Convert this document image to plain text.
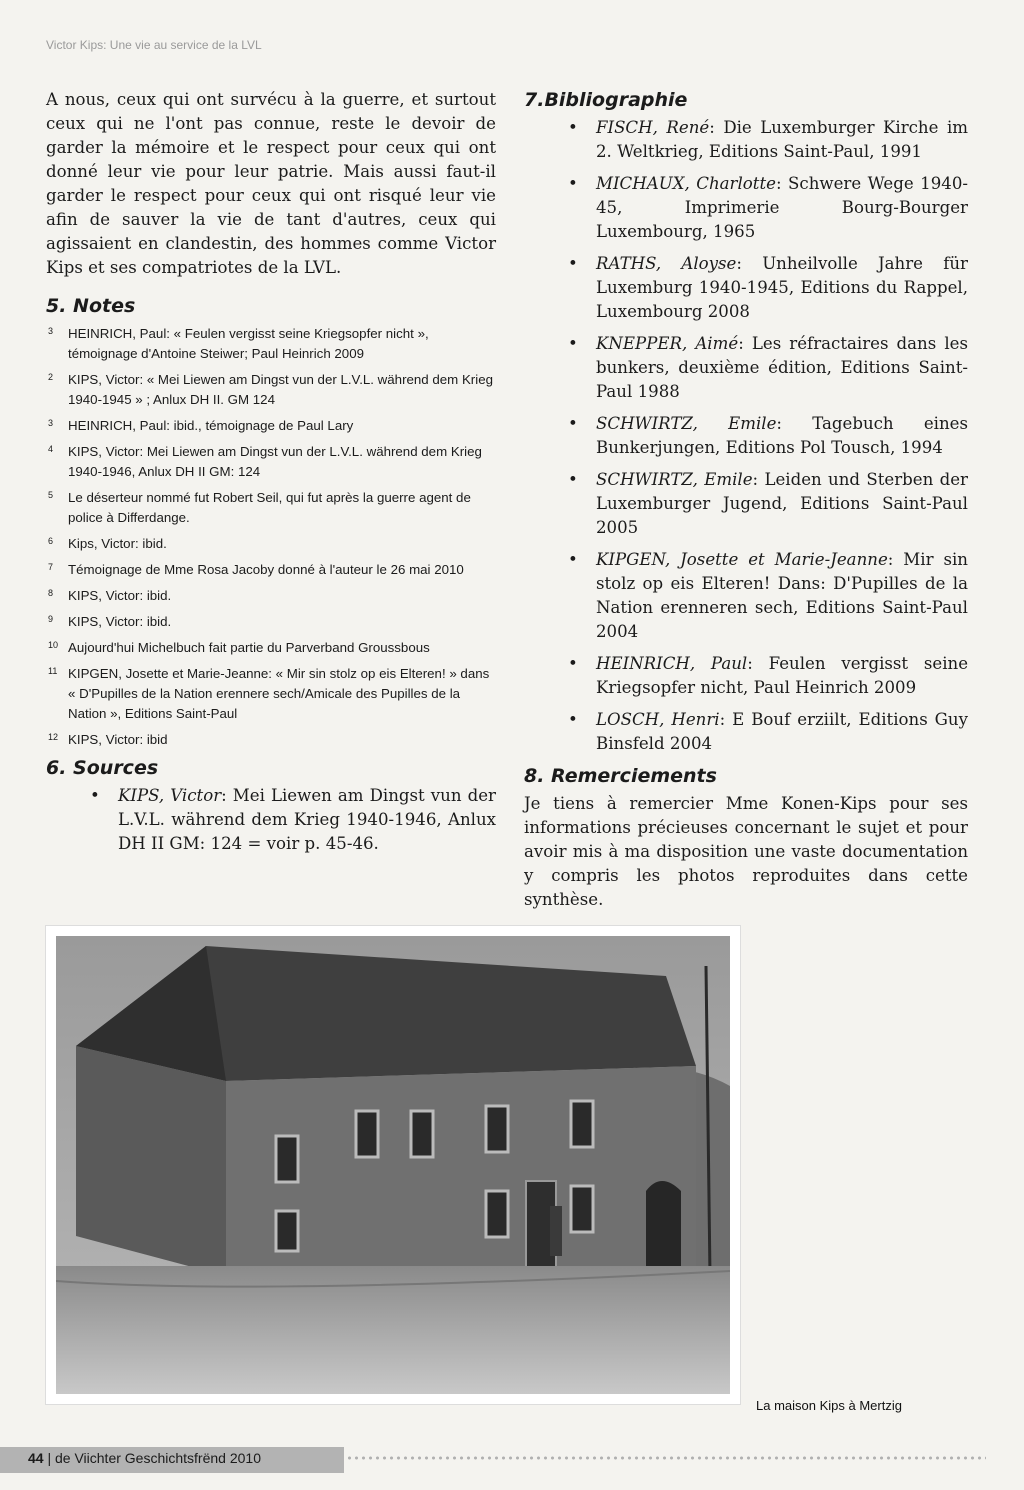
Victor Kips: Une vie au service de la LVL

A nous, ceux qui ont survécu à la guerre, et surtout ceux qui ne l'ont pas connue, reste le devoir de garder la mémoire et le respect pour ceux qui ont donné leur vie pour leur patrie. Mais aussi faut-il garder le respect pour ceux qui ont risqué leur vie afin de sauver la vie de tant d'autres, ceux qui agissaient en clandestin, des hommes comme Victor Kips et ses compatriotes de la LVL.

5. Notes
3 HEINRICH, Paul: « Feulen vergisst seine Kriegsopfer nicht », témoignage d'Antoine Steiwer; Paul Heinrich 2009
2 KIPS, Victor: « Mei Liewen am Dingst vun der L.V.L. während dem Krieg 1940-1945 » ; Anlux DH II. GM 124
3 HEINRICH, Paul: ibid., témoignage de Paul Lary
4 KIPS, Victor: Mei Liewen am Dingst vun der L.V.L. während dem Krieg 1940-1946, Anlux DH II GM: 124
5 Le déserteur nommé fut Robert Seil, qui fut après la guerre agent de police à Differdange.
6 Kips, Victor: ibid.
7 Témoignage de Mme Rosa Jacoby donné à l'auteur le 26 mai 2010
8 KIPS, Victor: ibid.
9 KIPS, Victor: ibid.
10 Aujourd'hui Michelbuch fait partie du Parverband Groussbous
11 KIPGEN, Josette et Marie-Jeanne: « Mir sin stolz op eis Elteren! » dans « D'Pupilles de la Nation erennere sech/Amicale des Pupilles de la Nation », Editions Saint-Paul
12 KIPS, Victor: ibid
6. Sources
• KIPS, Victor: Mei Liewen am Dingst vun der L.V.L. während dem Krieg 1940-1946, Anlux DH II GM: 124 = voir p. 45-46.
7.Bibliographie
• FISCH, René: Die Luxemburger Kirche im 2. Weltkrieg, Editions Saint-Paul, 1991
• MICHAUX, Charlotte: Schwere Wege 1940-45, Imprimerie Bourg-Bourger Luxembourg, 1965
• RATHS, Aloyse: Unheilvolle Jahre für Luxemburg 1940-1945, Editions du Rappel, Luxembourg 2008
• KNEPPER, Aimé: Les réfractaires dans les bunkers, deuxième édition, Editions Saint-Paul 1988
• SCHWIRTZ, Emile: Tagebuch eines Bunkerjungen, Editions Pol Tousch, 1994
• SCHWIRTZ, Emile: Leiden und Sterben der Luxemburger Jugend, Editions Saint-Paul 2005
• KIPGEN, Josette et Marie-Jeanne: Mir sin stolz op eis Elteren! Dans: D'Pupilles de la Nation erenneren sech, Editions Saint-Paul 2004
• HEINRICH, Paul: Feulen vergisst seine Kriegsopfer nicht, Paul Heinrich 2009
• LOSCH, Henri: E Bouf erziilt, Editions Guy Binsfeld 2004
8. Remerciements

Je tiens à remercier Mme Konen-Kips pour ses informations précieuses concernant le sujet et pour avoir mis à ma disposition une vaste documentation y compris les photos reproduites dans cette synthèse.

La maison Kips à Mertzig
44 | de Viichter Geschichtsfrënd 2010
